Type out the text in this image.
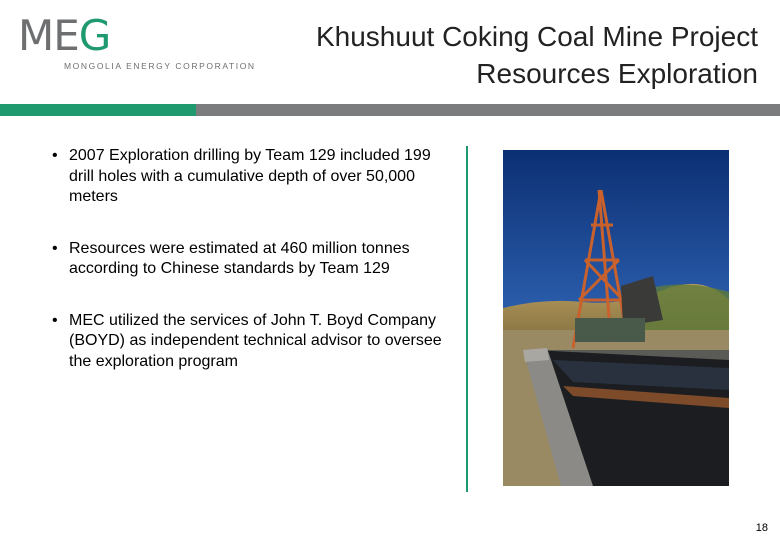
MEG
MONGOLIA ENERGY CORPORATION
Khushuut Coking Coal Mine Project
Resources Exploration
• 2007 Exploration drilling by Team 129 included 199 drill holes with a cumulative depth of over 50,000 meters
• Resources were estimated at 460 million tonnes according to Chinese standards by Team 129
• MEC utilized the services of John T. Boyd Company (BOYD) as independent technical advisor to oversee the exploration program
18
